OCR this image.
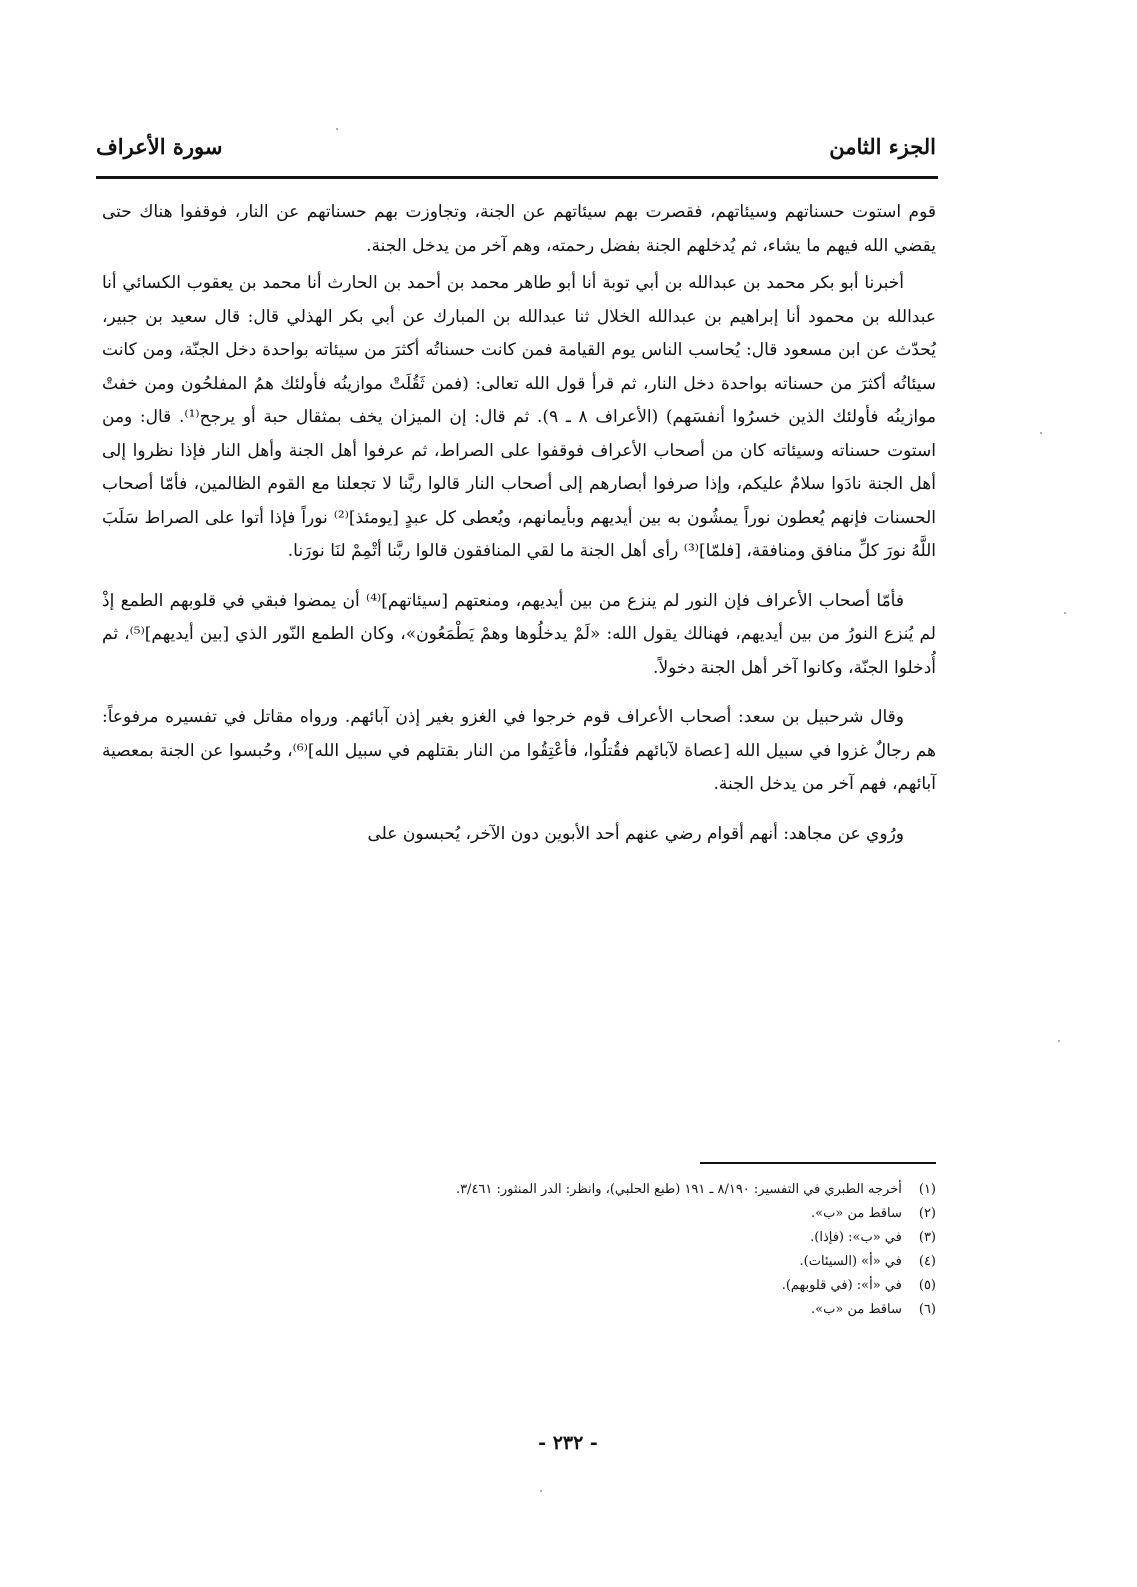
الجزء الثامن
سورة الأعراف

قوم استوت حسناتهم وسيئاتهم، فقصرت بهم سيئاتهم عن الجنة، وتجاوزت بهم حسناتهم عن النار، فوقفوا هناك حتى يقضي الله فيهم ما يشاء، ثم يُدخلهم الجنة بفضل رحمته، وهم آخر من يدخل الجنة.

أخبرنا أبو بكر محمد بن عبدالله بن أبي توبة أنا أبو طاهر محمد بن أحمد بن الحارث أنا محمد بن يعقوب الكسائي أنا عبدالله بن محمود أنا إبراهيم بن عبدالله الخلال ثنا عبدالله بن المبارك عن أبي بكر الهذلي قال: قال سعيد بن جبير، يُحدّث عن ابن مسعود قال: يُحاسب الناس يوم القيامة فمن كانت حسناتُه أكثرَ من سيئاته بواحدة دخل الجنّة، ومن كانت سيئاتُه أكثرَ من حسناته بواحدة دخل النار، ثم قرأ قول الله تعالى: (فمن ثَقُلَتْ موازينُه فأولئك همُ المفلحُون ومن خفتْ موازينُه فأولئك الذين خسرُوا أنفسَهم) (الأعراف ٨ ـ ٩). ثم قال: إن الميزان يخف بمثقال حبة أو يرجح⁽¹⁾. قال: ومن استوت حسناته وسيئاته كان من أصحاب الأعراف فوقفوا على الصراط، ثم عرفوا أهل الجنة وأهل النار فإذا نظروا إلى أهل الجنة نادَوا سلامٌ عليكم، وإذا صرفوا أبصارهم إلى أصحاب النار قالوا ربَّنا لا تجعلنا مع القوم الظالمين، فأمّا أصحاب الحسنات فإنهم يُعطون نوراً يمشُون به بين أيديهم وبأيمانهم، ويُعطى كل عبدٍ [يومئذ]⁽²⁾ نوراً فإذا أتوا على الصراط سَلَبَ اللَّهُ نورَ كلِّ منافق ومنافقة، [فلمّا]⁽³⁾ رأى أهل الجنة ما لقي المنافقون قالوا ربَّنا أتْمِمْ لنَا نورَنا.

فأمّا أصحاب الأعراف فإن النور لم ينزع من بين أيديهم، ومنعتهم [سيئاتهم]⁽⁴⁾ أن يمضوا فبقي في قلوبهم الطمع إذْ لم يُنزع النورُ من بين أيديهم، فهنالك يقول الله: «لَمْ يدخلُوها وهمْ يَطْمَعُون»، وكان الطمع النّور الذي [بين أيديهم]⁽⁵⁾، ثم أُدخلوا الجنّة، وكانوا آخر أهل الجنة دخولاً.

وقال شرحبيل بن سعد: أصحاب الأعراف قوم خرجوا في الغزو بغير إذن آبائهم. ورواه مقاتل في تفسيره مرفوعاً: هم رجالٌ غزوا في سبيل الله [عصاة لآبائهم فقُتلُوا، فأعْتِقُوا من النار بقتلهم في سبيل الله]⁽⁶⁾، وحُبسوا عن الجنة بمعصية آبائهم، فهم آخر من يدخل الجنة.

ورُوي عن مجاهد: أنهم أقوام رضي عنهم أحد الأبوين دون الآخر، يُحبسون على

(١) أخرجه الطبري في التفسير: ٨/١٩٠ ـ ١٩١ (طبع الحلبي)، وانظر: الدر المنثور: ٣/٤٦١.
(٢) ساقط من «ب».
(٣) في «ب»: (فإذا).
(٤) في «أ» (السيئات).
(٥) في «أ»: (في قلوبهم).
(٦) ساقط من «ب».
- ٢٣٢ -
